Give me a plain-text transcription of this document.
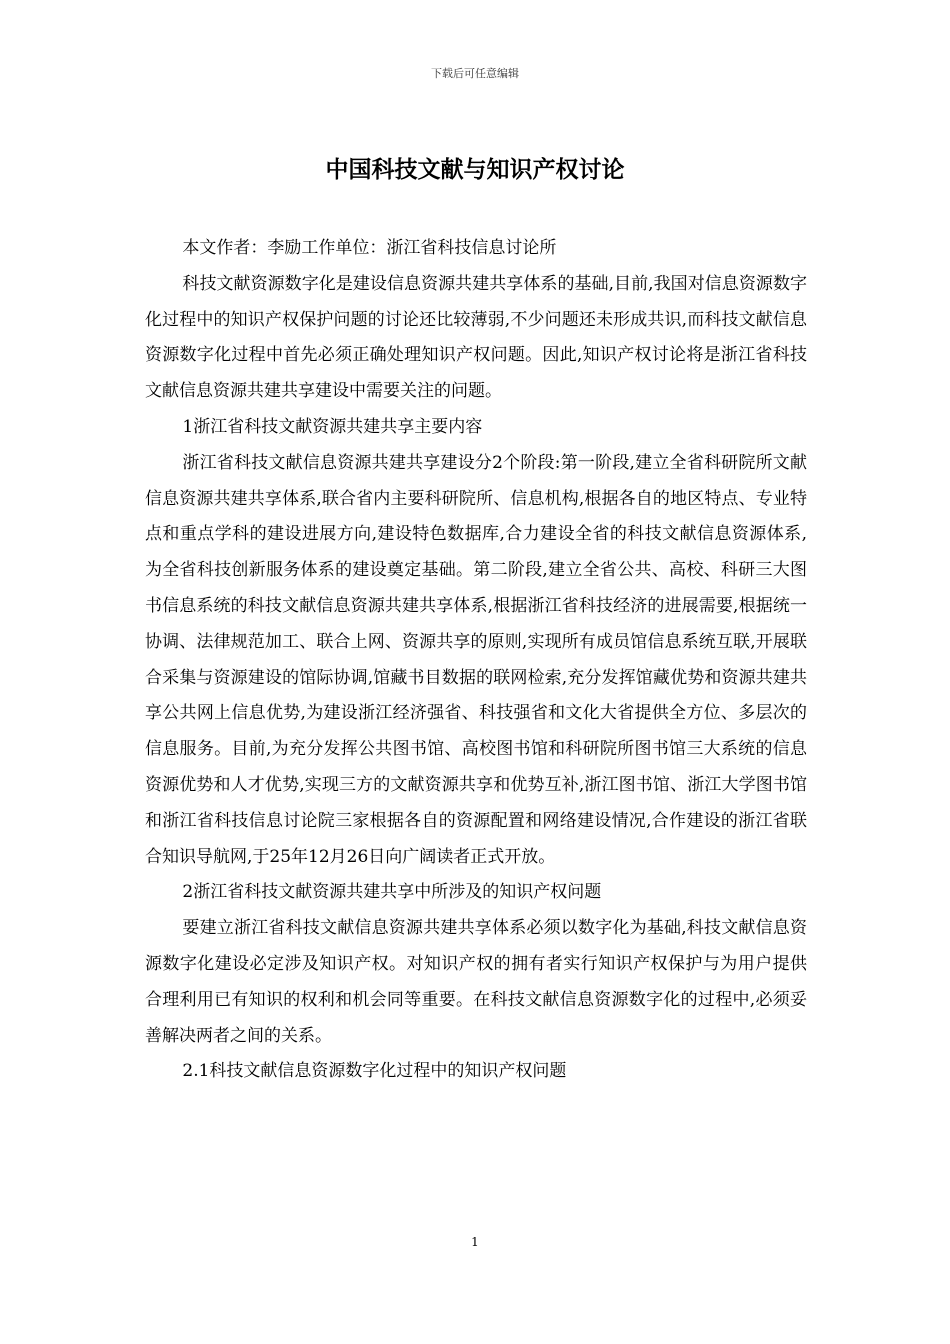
下载后可任意编辑
中国科技文献与知识产权讨论

本文作者：李励工作单位：浙江省科技信息讨论所

科技文献资源数字化是建设信息资源共建共享体系的基础,目前,我国对信息资源数字化过程中的知识产权保护问题的讨论还比较薄弱,不少问题还未形成共识,而科技文献信息资源数字化过程中首先必须正确处理知识产权问题。因此,知识产权讨论将是浙江省科技文献信息资源共建共享建设中需要关注的问题。

1浙江省科技文献资源共建共享主要内容

浙江省科技文献信息资源共建共享建设分2个阶段:第一阶段,建立全省科研院所文献信息资源共建共享体系,联合省内主要科研院所、信息机构,根据各自的地区特点、专业特点和重点学科的建设进展方向,建设特色数据库,合力建设全省的科技文献信息资源体系,为全省科技创新服务体系的建设奠定基础。第二阶段,建立全省公共、高校、科研三大图书信息系统的科技文献信息资源共建共享体系,根据浙江省科技经济的进展需要,根据统一协调、法律规范加工、联合上网、资源共享的原则,实现所有成员馆信息系统互联,开展联合采集与资源建设的馆际协调,馆藏书目数据的联网检索,充分发挥馆藏优势和资源共建共享公共网上信息优势,为建设浙江经济强省、科技强省和文化大省提供全方位、多层次的信息服务。目前,为充分发挥公共图书馆、高校图书馆和科研院所图书馆三大系统的信息资源优势和人才优势,实现三方的文献资源共享和优势互补,浙江图书馆、浙江大学图书馆和浙江省科技信息讨论院三家根据各自的资源配置和网络建设情况,合作建设的浙江省联合知识导航网,于25年12月26日向广阔读者正式开放。

2浙江省科技文献资源共建共享中所涉及的知识产权问题

要建立浙江省科技文献信息资源共建共享体系必须以数字化为基础,科技文献信息资源数字化建设必定涉及知识产权。对知识产权的拥有者实行知识产权保护与为用户提供合理利用已有知识的权利和机会同等重要。在科技文献信息资源数字化的过程中,必须妥善解决两者之间的关系。

2.1科技文献信息资源数字化过程中的知识产权问题

1
